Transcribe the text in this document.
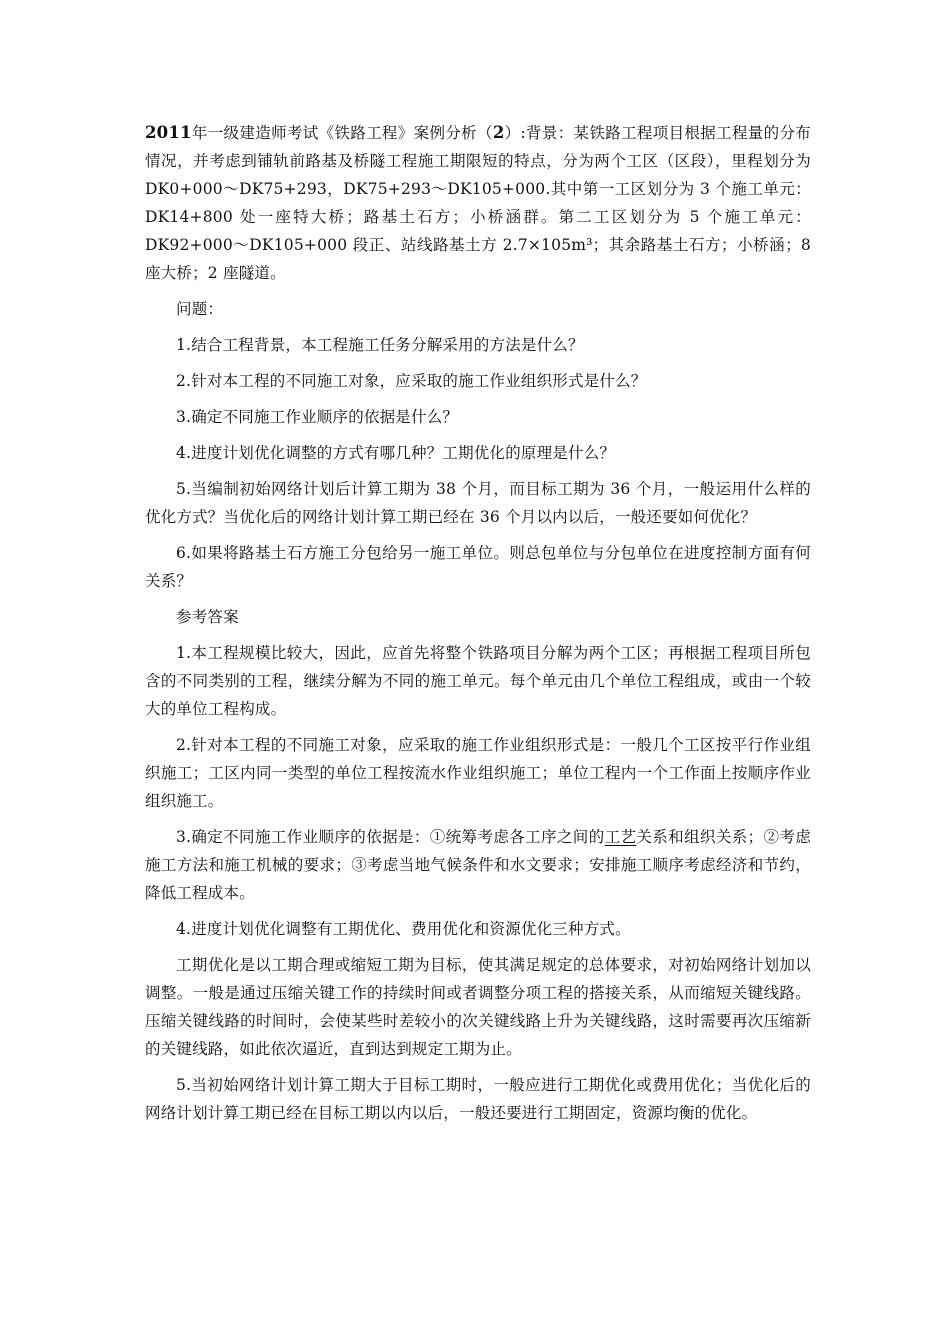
2011年一级建造师考试《铁路工程》案例分析（2）:背景：某铁路工程项目根据工程量的分布情况，并考虑到铺轨前路基及桥隧工程施工期限短的特点，分为两个工区（区段），里程划分为 DK0+000～DK75+293，DK75+293～DK105+000.其中第一工区划分为 3 个施工单元：DK14+800 处一座特大桥；路基土石方；小桥涵群。第二工区划分为 5 个施工单元：DK92+000～DK105+000 段正、站线路基土方 2.7×105m³；其余路基土石方；小桥涵；8 座大桥；2 座隧道。

问题：

1.结合工程背景，本工程施工任务分解采用的方法是什么？

2.针对本工程的不同施工对象，应采取的施工作业组织形式是什么？

3.确定不同施工作业顺序的依据是什么？

4.进度计划优化调整的方式有哪几种？工期优化的原理是什么？

5.当编制初始网络计划后计算工期为 38 个月，而目标工期为 36 个月，一般运用什么样的优化方式？当优化后的网络计划计算工期已经在 36 个月以内以后，一般还要如何优化？

6.如果将路基土石方施工分包给另一施工单位。则总包单位与分包单位在进度控制方面有何关系？

参考答案

1.本工程规模比较大，因此，应首先将整个铁路项目分解为两个工区；再根据工程项目所包含的不同类别的工程，继续分解为不同的施工单元。每个单元由几个单位工程组成，或由一个较大的单位工程构成。

2.针对本工程的不同施工对象，应采取的施工作业组织形式是：一般几个工区按平行作业组织施工；工区内同一类型的单位工程按流水作业组织施工；单位工程内一个工作面上按顺序作业组织施工。

3.确定不同施工作业顺序的依据是：①统筹考虑各工序之间的工艺关系和组织关系；②考虑施工方法和施工机械的要求；③考虑当地气候条件和水文要求；安排施工顺序考虑经济和节约，降低工程成本。

4.进度计划优化调整有工期优化、费用优化和资源优化三种方式。

工期优化是以工期合理或缩短工期为目标，使其满足规定的总体要求，对初始网络计划加以调整。一般是通过压缩关键工作的持续时间或者调整分项工程的搭接关系，从而缩短关键线路。压缩关键线路的时间时，会使某些时差较小的次关键线路上升为关键线路，这时需要再次压缩新的关键线路，如此依次逼近，直到达到规定工期为止。

5.当初始网络计划计算工期大于目标工期时，一般应进行工期优化或费用优化；当优化后的网络计划计算工期已经在目标工期以内以后，一般还要进行工期固定，资源均衡的优化。
